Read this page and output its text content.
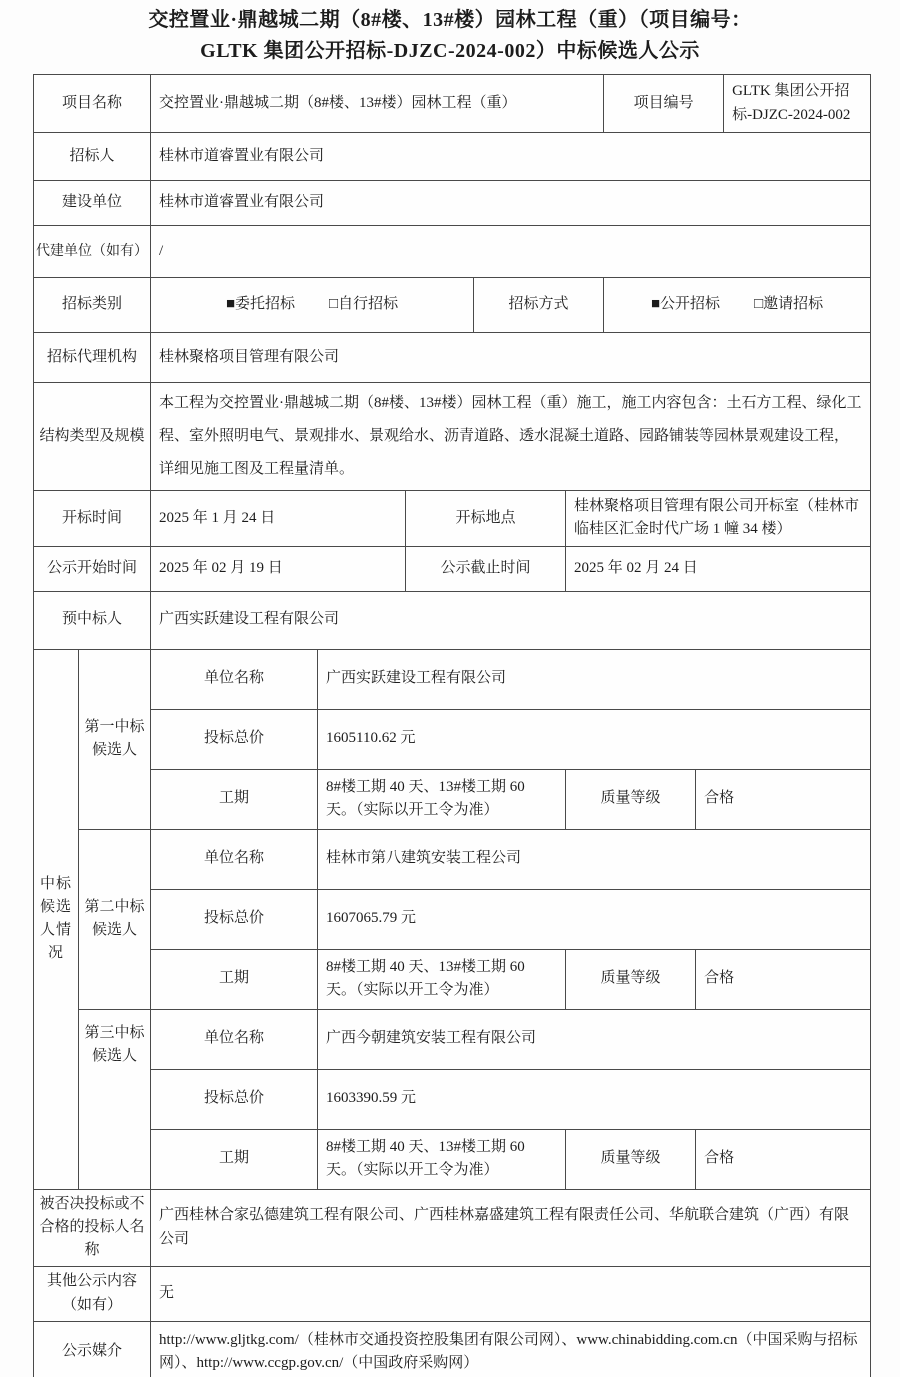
交控置业·鼎越城二期（8#楼、13#楼）园林工程（重）（项目编号：
GLTK 集团公开招标-DJZC-2024-002）中标候选人公示
项目名称		交控置业·鼎越城二期（8#楼、13#楼）园林工程（重）					项目编号		GLTK 集团公开招标-DJZC-2024-002
招标人		桂林市道睿置业有限公司							
建设单位		桂林市道睿置业有限公司							
代建单位（如有）		/							
招标类别		■委托招标 □自行招标			招标方式		■公开招标 □邀请招标		

招标代理机构		桂林聚格项目管理有限公司							
结构类型及规模		本工程为交控置业·鼎越城二期（8#楼、13#楼）园林工程（重）施工，施工内容包含：土石方工程、绿化工程、室外照明电气、景观排水、景观给水、沥青道路、透水混凝土道路、园路铺装等园林景观建设工程，详细见施工图及工程量清单。							
开标时间		2025 年 1 月 24 日		开标地点		桂林聚格项目管理有限公司开标室（桂林市临桂区汇金时代广场 1 幢 34 楼）			
公示开始时间		2025 年 02 月 19 日		公示截止时间		2025 年 02 月 24 日			
预中标人		广西实跃建设工程有限公司							
中标候选人情况	第一中标候选人	单位名称	广西实跃建设工程有限公司						
		投标总价	1605110.62 元						
		工期	8#楼工期 40 天、13#楼工期 60 天。（实际以开工令为准）			质量等级		合格	
	第二中标候选人	单位名称	桂林市第八建筑安装工程公司						
		投标总价	1607065.79 元						
		工期	8#楼工期 40 天、13#楼工期 60 天。（实际以开工令为准）			质量等级		合格	
	第三中标候选人	单位名称	广西今朝建筑安装工程有限公司						
		投标总价	1603390.59 元						
		工期	8#楼工期 40 天、13#楼工期 60 天。（实际以开工令为准）			质量等级		合格	
被否决投标或不合格的投标人名称		广西桂林合家弘德建筑工程有限公司、广西桂林嘉盛建筑工程有限责任公司、华航联合建筑（广西）有限公司							
其他公示内容（如有）		无							
公示媒介		http://www.gljtkg.com/（桂林市交通投资控股集团有限公司网）、www.chinabidding.com.cn（中国采购与招标网）、http://www.ccgp.gov.cn/（中国政府采购网）							
